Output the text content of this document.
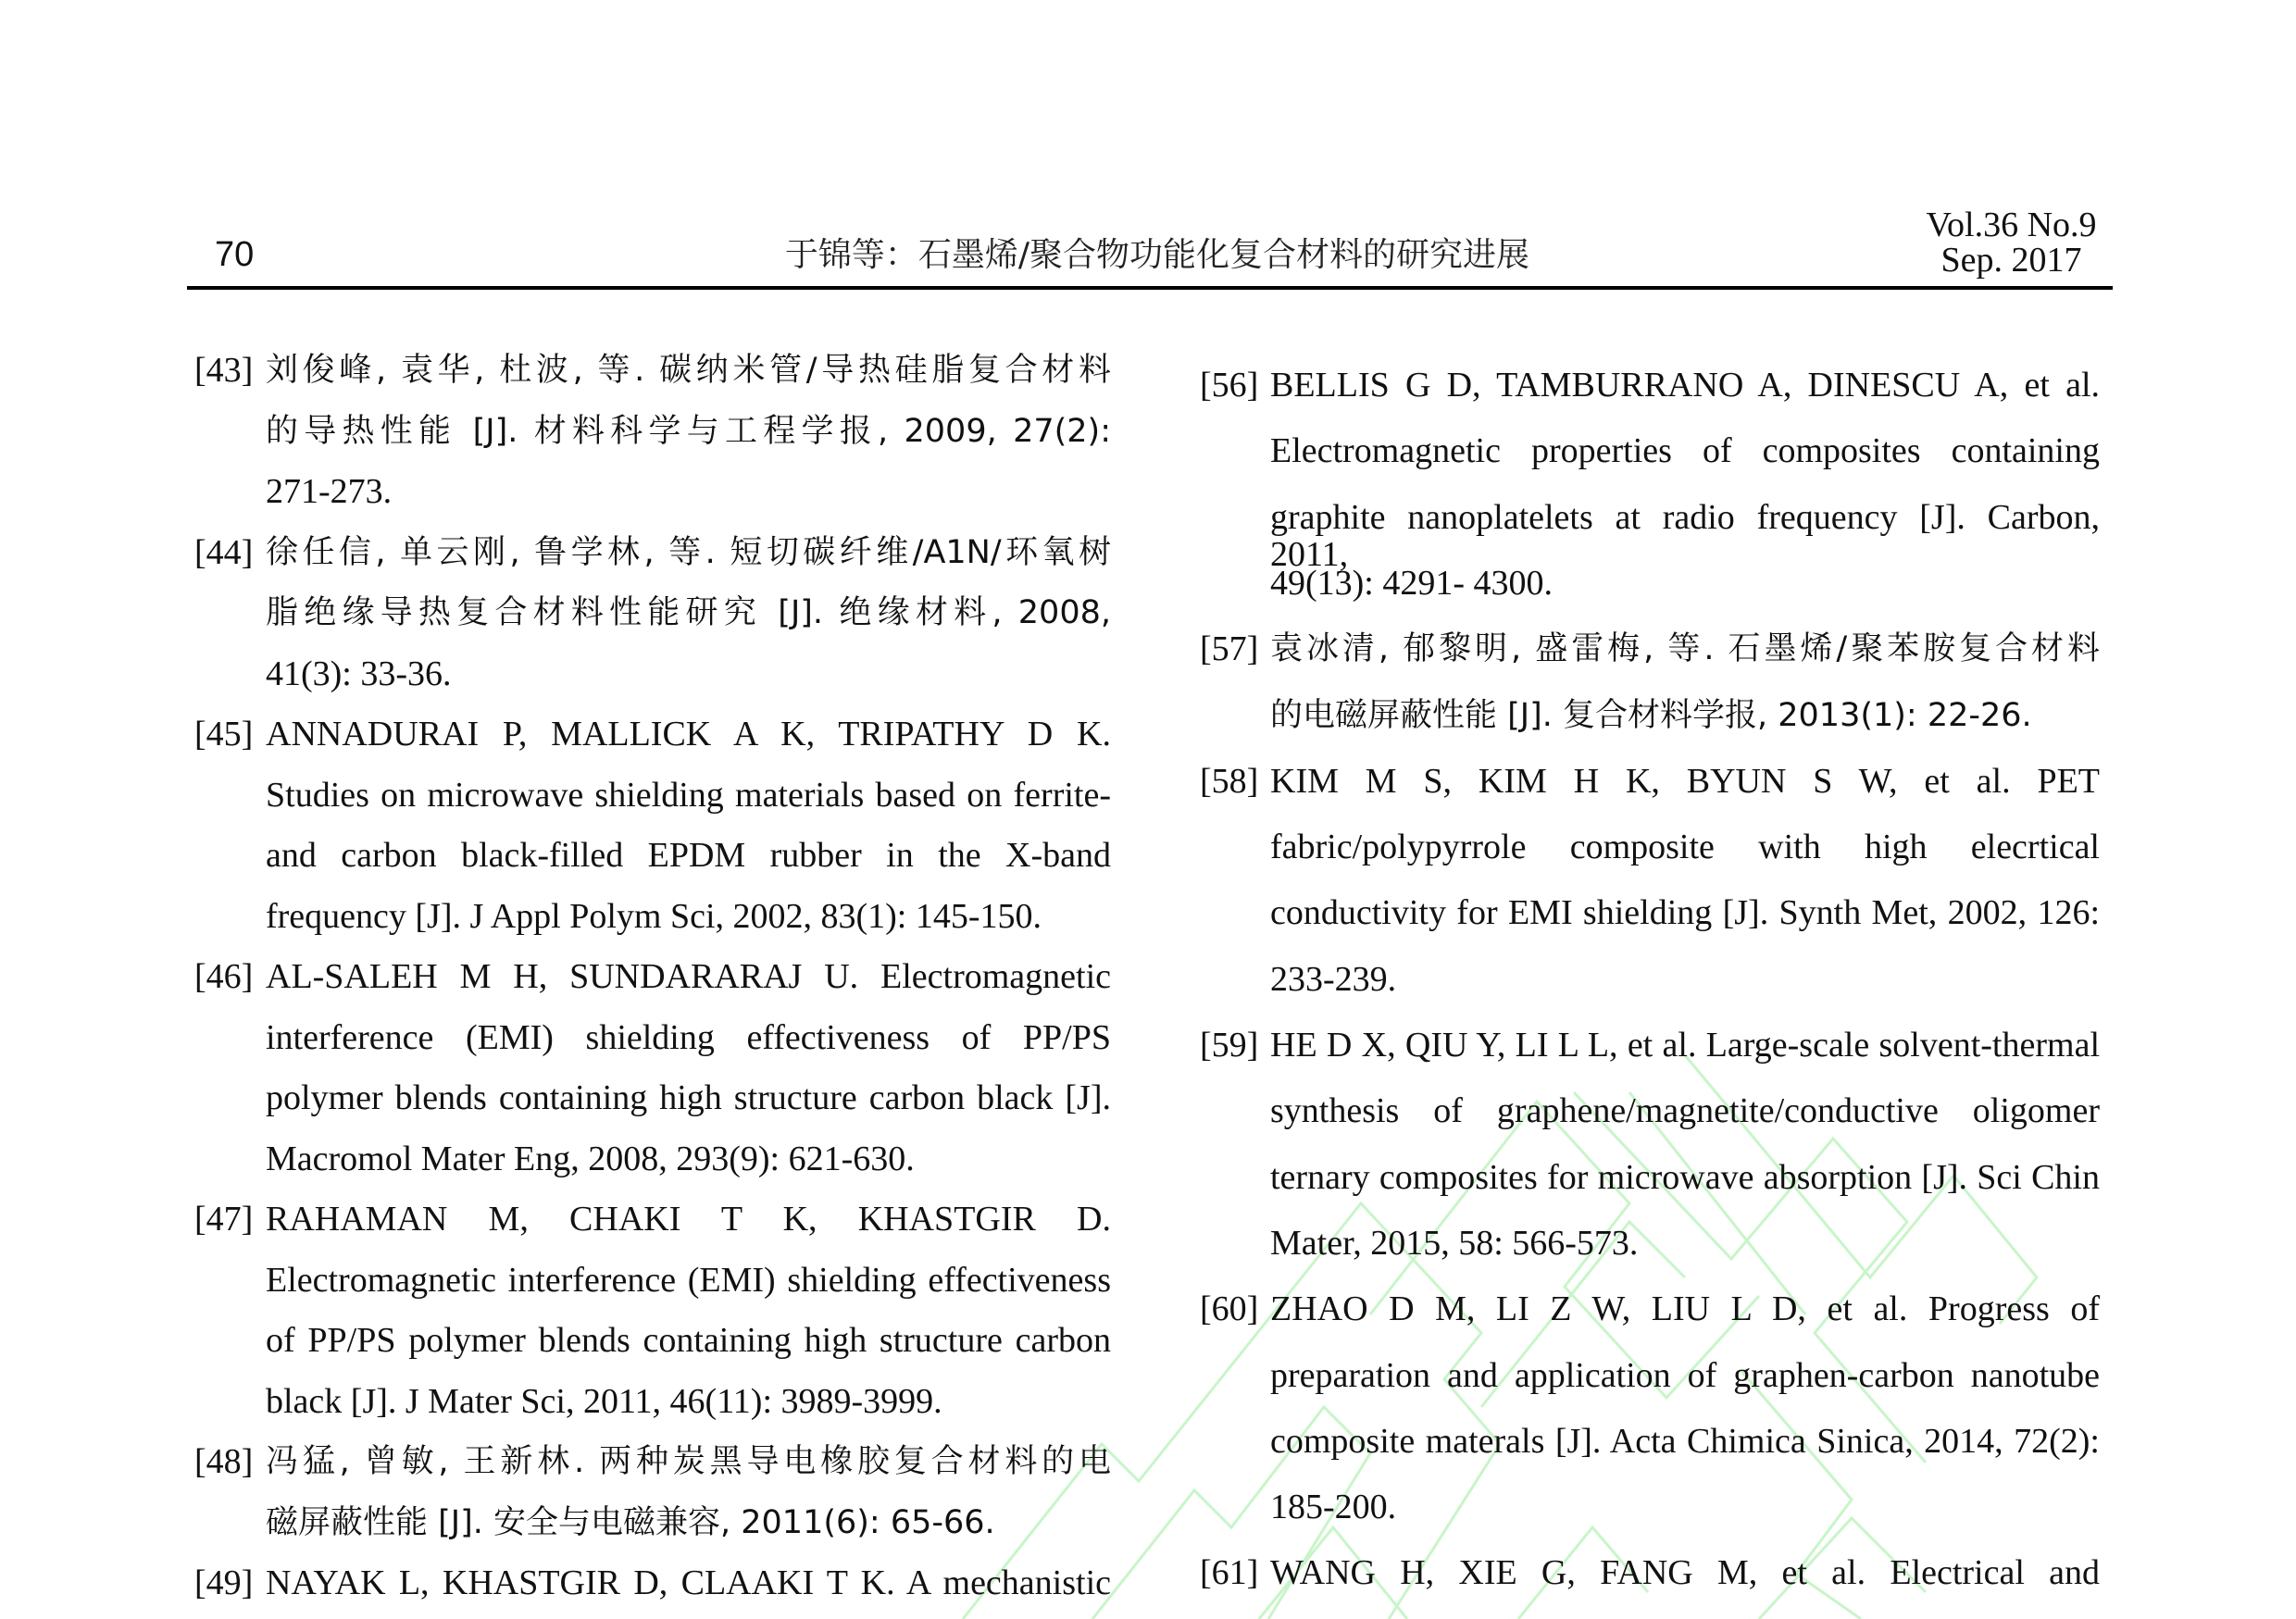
70	于锦等：石墨烯/聚合物功能化复合材料的研究进展
Vol.36 No.9
Sep. 2017
[43] 刘俊峰, 袁华, 杜波, 等. 碳纳米管/导热硅脂复合材料
的导热性能 [J]. 材料科学与工程学报, 2009, 27(2):
271-273.
[44] 徐任信, 单云刚, 鲁学林, 等. 短切碳纤维/A1N/环氧树
脂绝缘导热复合材料性能研究 [J]. 绝缘材料, 2008,
41(3): 33-36.
[45] ANNADURAI P, MALLICK A K, TRIPATHY D K.
Studies on microwave shielding materials based on ferrite-
and carbon black-filled EPDM rubber in the X-band
frequency [J]. J Appl Polym Sci, 2002, 83(1): 145-150.
[46] AL-SALEH M H, SUNDARARAJ U. Electromagnetic
interference (EMI) shielding effectiveness of PP/PS
polymer blends containing high structure carbon black [J].
Macromol Mater Eng, 2008, 293(9): 621-630.
[47] RAHAMAN M, CHAKI T K, KHASTGIR D.
Electromagnetic interference (EMI) shielding effectiveness
of PP/PS polymer blends containing high structure carbon
black [J]. J Mater Sci, 2011, 46(11): 3989-3999.
[48] 冯猛, 曾敏, 王新林. 两种炭黑导电橡胶复合材料的电
磁屏蔽性能 [J]. 安全与电磁兼容, 2011(6): 65-66.
[49] NAYAK L, KHASTGIR D, CLAAKI T K. A mechanistic
[56] BELLIS G D, TAMBURRANO A, DINESCU A, et al.
Electromagnetic properties of composites containing
graphite nanoplatelets at radio frequency [J]. Carbon, 2011,
49(13): 4291- 4300.
[57] 袁冰清, 郁黎明, 盛雷梅, 等. 石墨烯/聚苯胺复合材料
的电磁屏蔽性能 [J]. 复合材料学报, 2013(1): 22-26.
[58] KIM M S, KIM H K, BYUN S W, et al. PET
fabric/polypyrrole composite with high elecrtical
conductivity for EMI shielding [J]. Synth Met, 2002, 126:
233-239.
[59] HE D X, QIU Y, LI L L, et al. Large-scale solvent-thermal
synthesis of graphene/magnetite/conductive oligomer
ternary composites for microwave absorption [J]. Sci Chin
Mater, 2015, 58: 566-573.
[60] ZHAO D M, LI Z W, LIU L D, et al. Progress of
preparation and application of graphen-carbon nanotube
composite materals [J]. Acta Chimica Sinica, 2014, 72(2):
185-200.
[61] WANG H, XIE G, FANG M, et al. Electrical and
